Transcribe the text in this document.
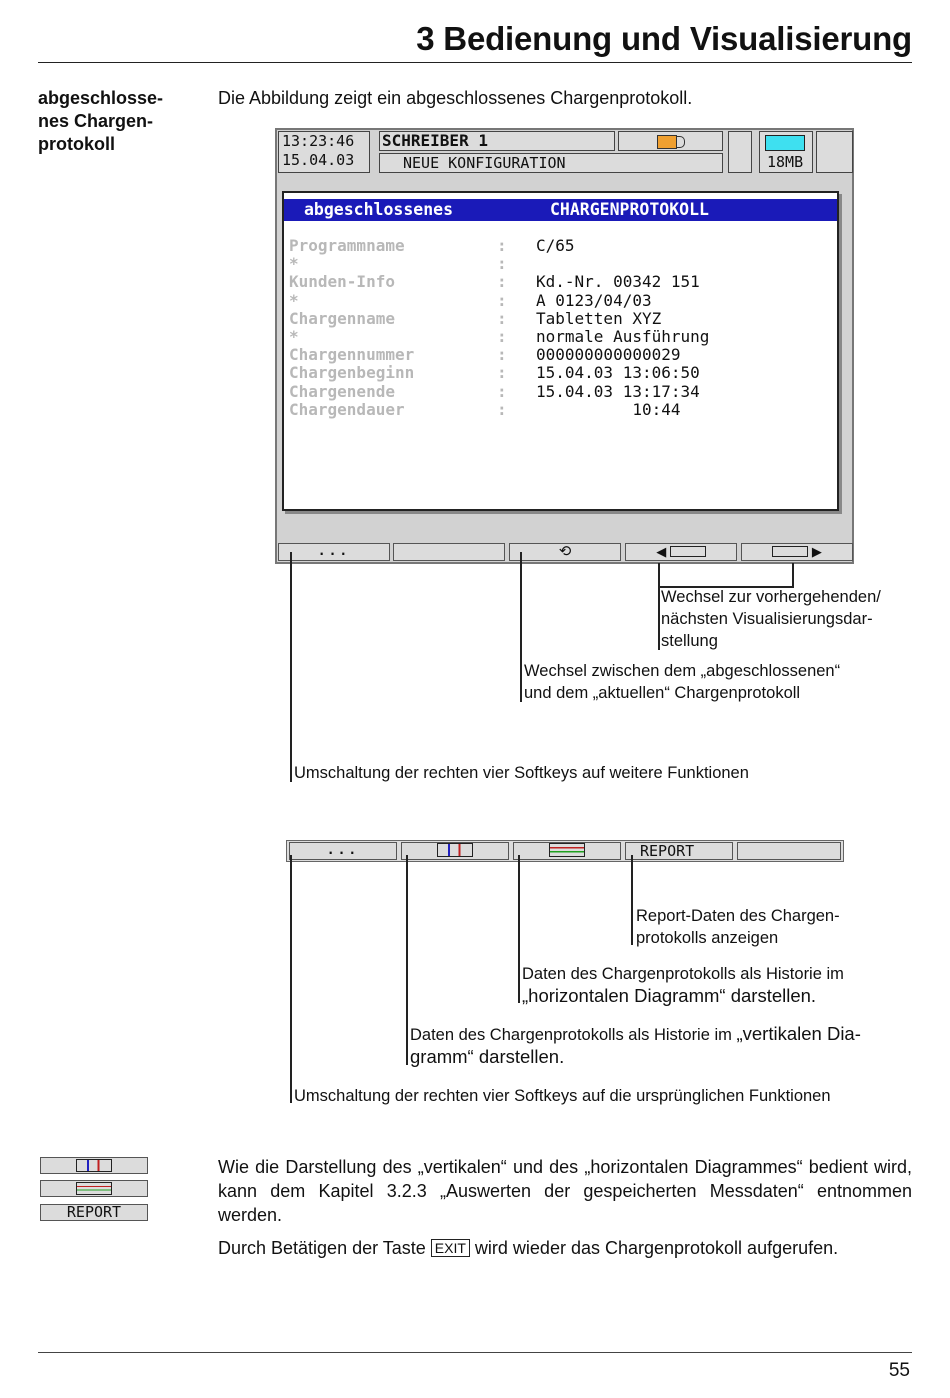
3 Bedienung und Visualisierung
abgeschlosse-
nes Chargen-
protokoll
Die Abbildung zeigt ein abgeschlossenes Chargenprotokoll.
13:23:46
15.04.03
SCHREIBER 1
NEUE KONFIGURATION	18MB
abgeschlossenes	CHARGENPROTOKOLL
Programmname	: C/65
*	:
Kunden-Info	: Kd.-Nr. 00342 151
*	: A 0123/04/03
Chargenname	: Tabletten XYZ
*	: normale Ausführung
Chargennummer	: 000000000000029
Chargenbeginn	: 15.04.03 13:06:50
Chargenende	: 15.04.03 13:17:34
Chargendauer	: 10:44
...	⟲	◀	▶
Wechsel zur vorhergehenden/
nächsten Visualisierungsdar-
stellung
Wechsel zwischen dem „abgeschlossenen“
und dem „aktuellen“ Chargenprotokoll
Umschaltung der rechten vier Softkeys auf weitere Funktionen
...	REPORT
Report-Daten des Chargen-
protokolls anzeigen
Daten des Chargenprotokolls als Historie im
„horizontalen Diagramm“ darstellen.
Daten des Chargenprotokolls als Historie im „vertikalen Dia-
gramm“ darstellen.
Umschaltung der rechten vier Softkeys auf die ursprünglichen Funktionen
REPORT
Wie die Darstellung des „vertikalen“ und des „horizontalen Diagrammes“ bedient wird, kann dem Kapitel 3.2.3 „Auswerten der gespeicherten Messdaten“ entnommen werden.
Durch Betätigen der Taste EXIT wird wieder das Chargenprotokoll aufgerufen.
55
